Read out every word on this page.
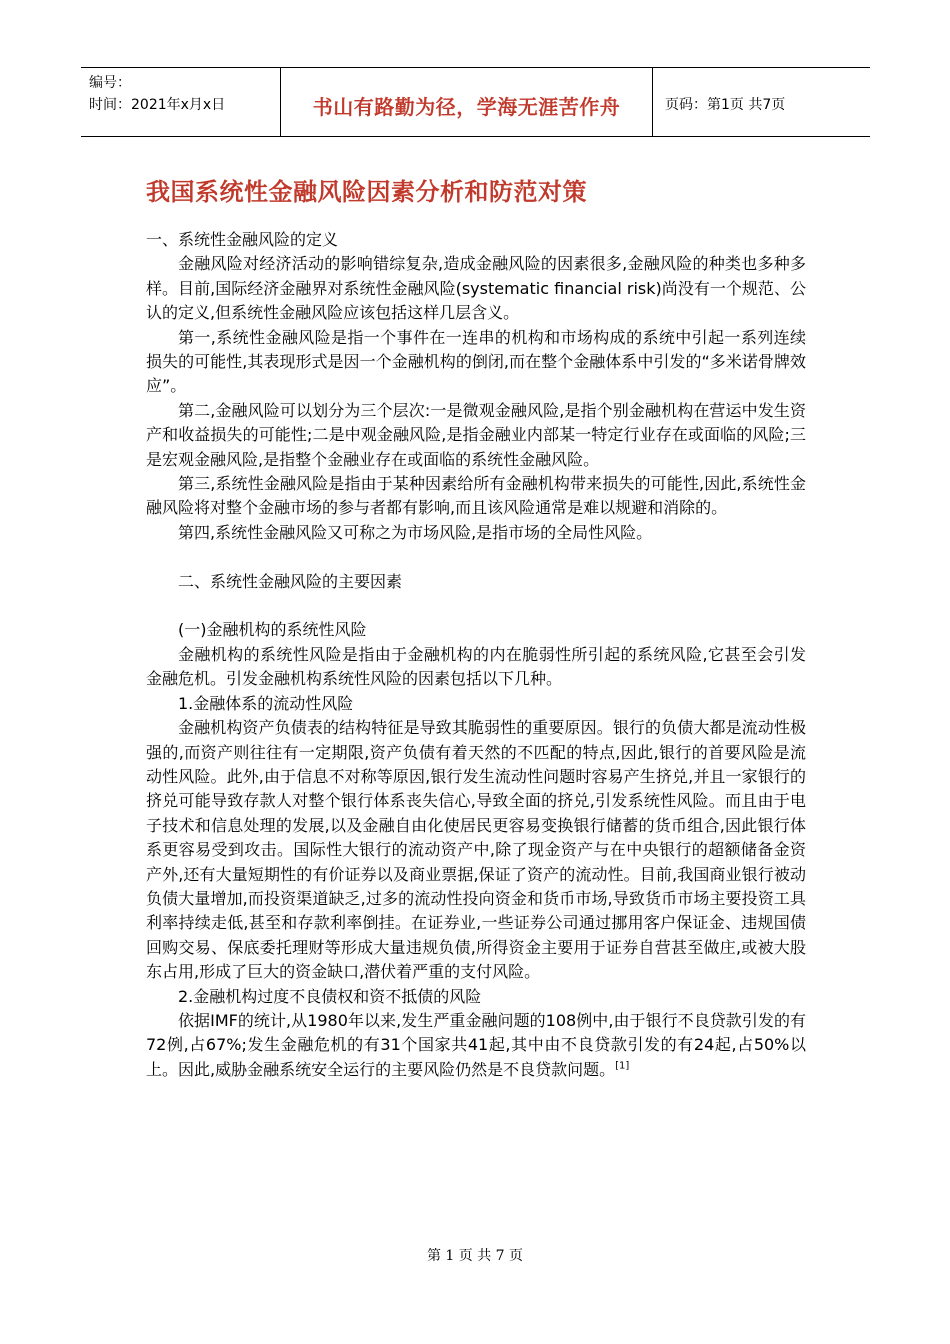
编号：
时间：2021年x月x日	书山有路勤为径，学海无涯苦作舟	页码：第1页 共7页
我国系统性金融风险因素分析和防范对策

一、系统性金融风险的定义

金融风险对经济活动的影响错综复杂,造成金融风险的因素很多,金融风险的种类也多种多样。目前,国际经济金融界对系统性金融风险(systematic financial risk)尚没有一个规范、公认的定义,但系统性金融风险应该包括这样几层含义。

第一,系统性金融风险是指一个事件在一连串的机构和市场构成的系统中引起一系列连续损失的可能性,其表现形式是因一个金融机构的倒闭,而在整个金融体系中引发的“多米诺骨牌效应”。

第二,金融风险可以划分为三个层次:一是微观金融风险,是指个别金融机构在营运中发生资产和收益损失的可能性;二是中观金融风险,是指金融业内部某一特定行业存在或面临的风险;三是宏观金融风险,是指整个金融业存在或面临的系统性金融风险。

第三,系统性金融风险是指由于某种因素给所有金融机构带来损失的可能性,因此,系统性金融风险将对整个金融市场的参与者都有影响,而且该风险通常是难以规避和消除的。

第四,系统性金融风险又可称之为市场风险,是指市场的全局性风险。

二、系统性金融风险的主要因素

(一)金融机构的系统性风险

金融机构的系统性风险是指由于金融机构的内在脆弱性所引起的系统风险,它甚至会引发金融危机。引发金融机构系统性风险的因素包括以下几种。

1.金融体系的流动性风险

金融机构资产负债表的结构特征是导致其脆弱性的重要原因。银行的负债大都是流动性极强的,而资产则往往有一定期限,资产负债有着天然的不匹配的特点,因此,银行的首要风险是流动性风险。此外,由于信息不对称等原因,银行发生流动性问题时容易产生挤兑,并且一家银行的挤兑可能导致存款人对整个银行体系丧失信心,导致全面的挤兑,引发系统性风险。而且由于电子技术和信息处理的发展,以及金融自由化使居民更容易变换银行储蓄的货币组合,因此银行体系更容易受到攻击。国际性大银行的流动资产中,除了现金资产与在中央银行的超额储备金资产外,还有大量短期性的有价证券以及商业票据,保证了资产的流动性。目前,我国商业银行被动负债大量增加,而投资渠道缺乏,过多的流动性投向资金和货币市场,导致货币市场主要投资工具利率持续走低,甚至和存款利率倒挂。在证券业,一些证券公司通过挪用客户保证金、违规国债回购交易、保底委托理财等形成大量违规负债,所得资金主要用于证券自营甚至做庄,或被大股东占用,形成了巨大的资金缺口,潜伏着严重的支付风险。

2.金融机构过度不良债权和资不抵债的风险

依据IMF的统计,从1980年以来,发生严重金融问题的108例中,由于银行不良贷款引发的有72例,占67%;发生金融危机的有31个国家共41起,其中由不良贷款引发的有24起,占50%以上。因此,威胁金融系统安全运行的主要风险仍然是不良贷款问题。[1]

第 1 页 共 7 页
